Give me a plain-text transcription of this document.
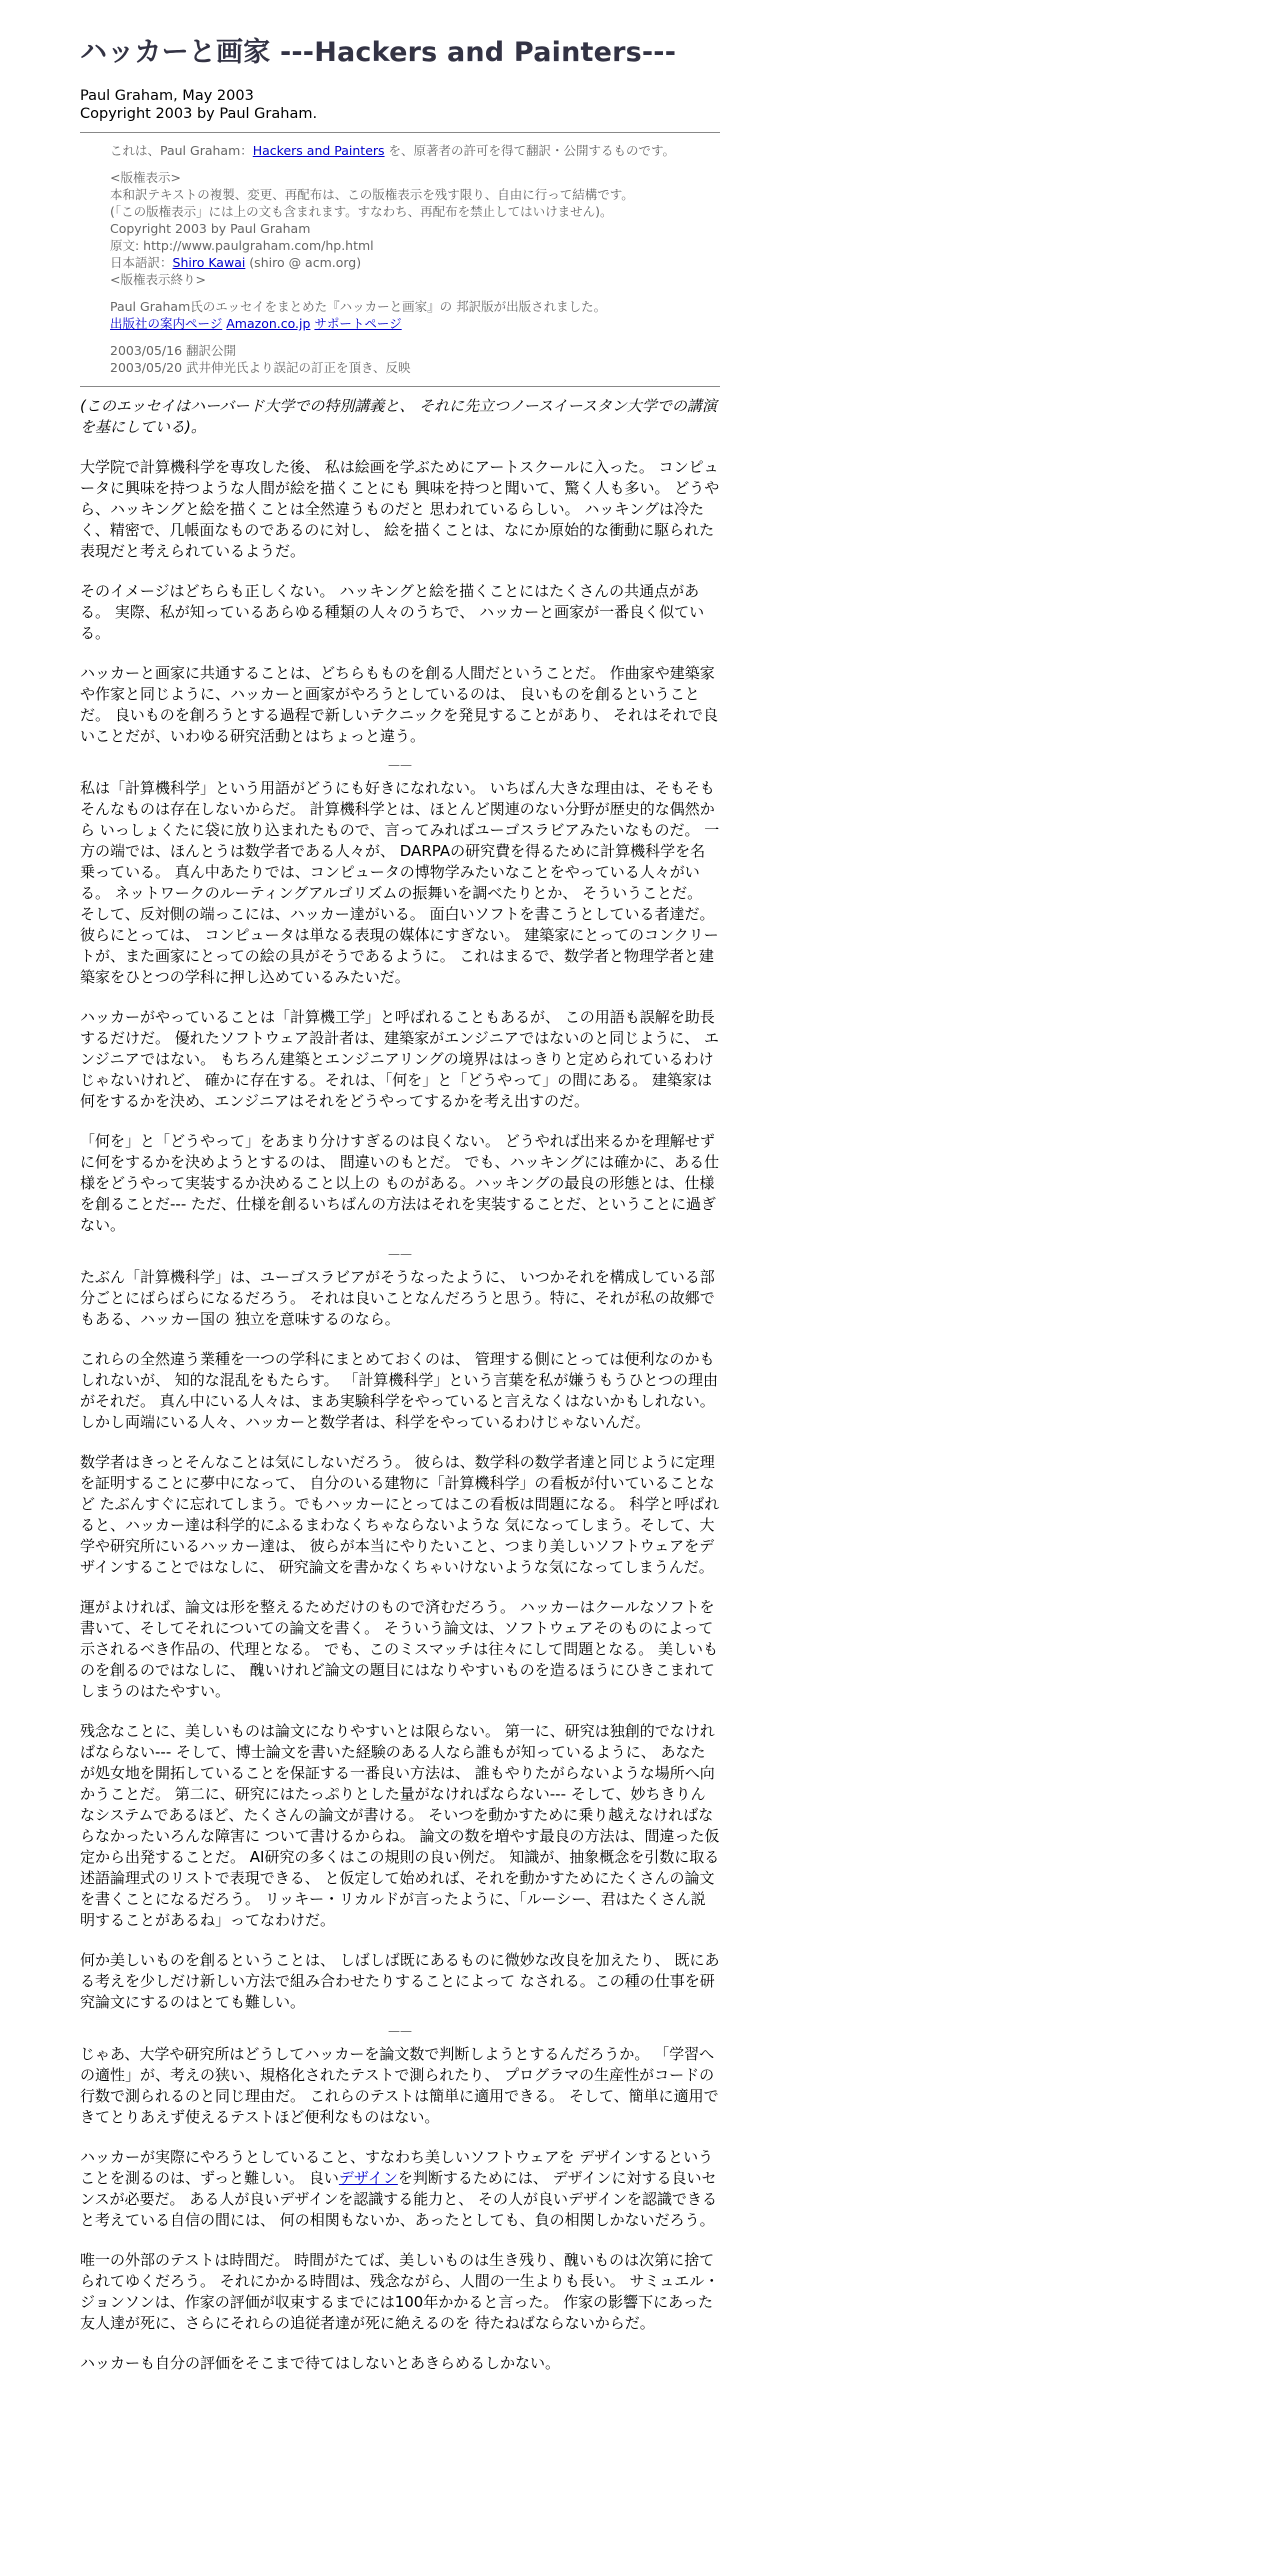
ハッカーと画家 ---Hackers and Painters---

Paul Graham, May 2003

Copyright 2003 by Paul Graham.

これは、Paul Graham：Hackers and Painters を、原著者の許可を得て翻訳・公開するものです。

<版権表示>
本和訳テキストの複製、変更、再配布は、この版権表示を残す限り、自由に行って結構です。
(「この版権表示」には上の文も含まれます。すなわち、再配布を禁止してはいけません)。
Copyright 2003 by Paul Graham
原文: http://www.paulgraham.com/hp.html
日本語訳：Shiro Kawai (shiro @ acm.org)
<版権表示終り>

Paul Graham氏のエッセイをまとめた『ハッカーと画家』の 邦訳版が出版されました。
出版社の案内ページ Amazon.co.jp サポートページ

2003/05/16 翻訳公開
2003/05/20 武井伸光氏より誤記の訂正を頂き、反映

(このエッセイはハーバード大学での特別講義と、 それに先立つノースイースタン大学での講演を基にしている)。

大学院で計算機科学を専攻した後、 私は絵画を学ぶためにアートスクールに入った。 コンピュータに興味を持つような人間が絵を描くことにも 興味を持つと聞いて、驚く人も多い。 どうやら、ハッキングと絵を描くことは全然違うものだと 思われているらしい。 ハッキングは冷たく、精密で、几帳面なものであるのに対し、 絵を描くことは、なにか原始的な衝動に駆られた表現だと考えられているようだ。

そのイメージはどちらも正しくない。 ハッキングと絵を描くことにはたくさんの共通点がある。 実際、私が知っているあらゆる種類の人々のうちで、 ハッカーと画家が一番良く似ている。

ハッカーと画家に共通することは、どちらもものを創る人間だということだ。 作曲家や建築家や作家と同じように、ハッカーと画家がやろうとしているのは、 良いものを創るということだ。 良いものを創ろうとする過程で新しいテクニックを発見することがあり、 それはそれで良いことだが、いわゆる研究活動とはちょっと違う。

——

私は「計算機科学」という用語がどうにも好きになれない。 いちばん大きな理由は、そもそもそんなものは存在しないからだ。 計算機科学とは、ほとんど関連のない分野が歴史的な偶然から いっしょくたに袋に放り込まれたもので、言ってみればユーゴスラビアみたいなものだ。 一方の端では、ほんとうは数学者である人々が、 DARPAの研究費を得るために計算機科学を名乗っている。 真ん中あたりでは、コンピュータの博物学みたいなことをやっている人々がいる。 ネットワークのルーティングアルゴリズムの振舞いを調べたりとか、 そういうことだ。 そして、反対側の端っこには、ハッカー達がいる。 面白いソフトを書こうとしている者達だ。彼らにとっては、 コンピュータは単なる表現の媒体にすぎない。 建築家にとってのコンクリートが、また画家にとっての絵の具がそうであるように。 これはまるで、数学者と物理学者と建築家をひとつの学科に押し込めているみたいだ。

ハッカーがやっていることは「計算機工学」と呼ばれることもあるが、 この用語も誤解を助長するだけだ。 優れたソフトウェア設計者は、建築家がエンジニアではないのと同じように、 エンジニアではない。 もちろん建築とエンジニアリングの境界ははっきりと定められているわけじゃないけれど、 確かに存在する。それは、「何を」と「どうやって」の間にある。 建築家は何をするかを決め、エンジニアはそれをどうやってするかを考え出すのだ。

「何を」と「どうやって」をあまり分けすぎるのは良くない。 どうやれば出来るかを理解せずに何をするかを決めようとするのは、 間違いのもとだ。 でも、ハッキングには確かに、ある仕様をどうやって実装するか決めること以上の ものがある。ハッキングの最良の形態とは、仕様を創ることだ--- ただ、仕様を創るいちばんの方法はそれを実装することだ、ということに過ぎない。

——

たぶん「計算機科学」は、ユーゴスラビアがそうなったように、 いつかそれを構成している部分ごとにばらばらになるだろう。 それは良いことなんだろうと思う。特に、それが私の故郷でもある、ハッカー国の 独立を意味するのなら。

これらの全然違う業種を一つの学科にまとめておくのは、 管理する側にとっては便利なのかもしれないが、 知的な混乱をもたらす。 「計算機科学」という言葉を私が嫌うもうひとつの理由がそれだ。 真ん中にいる人々は、まあ実験科学をやっていると言えなくはないかもしれない。 しかし両端にいる人々、ハッカーと数学者は、科学をやっているわけじゃないんだ。

数学者はきっとそんなことは気にしないだろう。 彼らは、数学科の数学者達と同じように定理を証明することに夢中になって、 自分のいる建物に「計算機科学」の看板が付いていることなど たぶんすぐに忘れてしまう。でもハッカーにとってはこの看板は問題になる。 科学と呼ばれると、ハッカー達は科学的にふるまわなくちゃならないような 気になってしまう。そして、大学や研究所にいるハッカー達は、 彼らが本当にやりたいこと、つまり美しいソフトウェアをデザインすることではなしに、 研究論文を書かなくちゃいけないような気になってしまうんだ。

運がよければ、論文は形を整えるためだけのもので済むだろう。 ハッカーはクールなソフトを書いて、そしてそれについての論文を書く。 そういう論文は、ソフトウェアそのものによって示されるべき作品の、代理となる。 でも、このミスマッチは往々にして問題となる。 美しいものを創るのではなしに、 醜いけれど論文の題目にはなりやすいものを造るほうにひきこまれてしまうのはたやすい。

残念なことに、美しいものは論文になりやすいとは限らない。 第一に、研究は独創的でなければならない--- そして、博士論文を書いた経験のある人なら誰もが知っているように、 あなたが処女地を開拓していることを保証する一番良い方法は、 誰もやりたがらないような場所へ向かうことだ。 第二に、研究にはたっぷりとした量がなければならない--- そして、妙ちきりんなシステムであるほど、たくさんの論文が書ける。 そいつを動かすために乗り越えなければならなかったいろんな障害に ついて書けるからね。 論文の数を増やす最良の方法は、間違った仮定から出発することだ。 AI研究の多くはこの規則の良い例だ。 知識が、抽象概念を引数に取る述語論理式のリストで表現できる、 と仮定して始めれば、それを動かすためにたくさんの論文を書くことになるだろう。 リッキー・リカルドが言ったように、「ルーシー、君はたくさん説明することがあるね」ってなわけだ。

何か美しいものを創るということは、 しばしば既にあるものに微妙な改良を加えたり、 既にある考えを少しだけ新しい方法で組み合わせたりすることによって なされる。この種の仕事を研究論文にするのはとても難しい。

——

じゃあ、大学や研究所はどうしてハッカーを論文数で判断しようとするんだろうか。 「学習への適性」が、考えの狭い、規格化されたテストで測られたり、 プログラマの生産性がコードの行数で測られるのと同じ理由だ。 これらのテストは簡単に適用できる。 そして、簡単に適用できてとりあえず使えるテストほど便利なものはない。

ハッカーが実際にやろうとしていること、すなわち美しいソフトウェアを デザインするということを測るのは、ずっと難しい。 良いデザインを判断するためには、 デザインに対する良いセンスが必要だ。 ある人が良いデザインを認識する能力と、 その人が良いデザインを認識できると考えている自信の間には、 何の相関もないか、あったとしても、負の相関しかないだろう。

唯一の外部のテストは時間だ。 時間がたてば、美しいものは生き残り、醜いものは次第に捨てられてゆくだろう。 それにかかる時間は、残念ながら、人間の一生よりも長い。 サミュエル・ジョンソンは、作家の評価が収束するまでには100年かかると言った。 作家の影響下にあった友人達が死に、さらにそれらの追従者達が死に絶えるのを 待たねばならないからだ。

ハッカーも自分の評価をそこまで待てはしないとあきらめるしかない。
